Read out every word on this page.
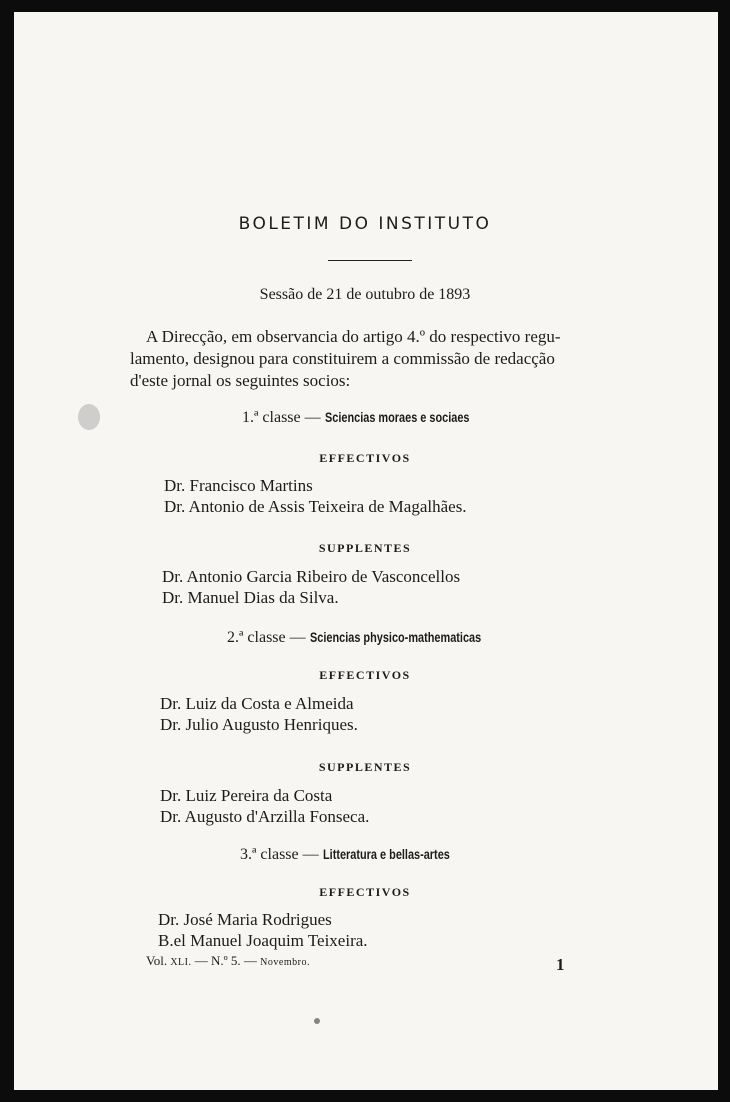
BOLETIM DO INSTITUTO
Sessão de 21 de outubro de 1893
A Direcção, em observancia do artigo 4.º do respectivo regu-
lamento, designou para constituirem a commissão de redacção
d'este jornal os seguintes socios:
1.ª classe — Sciencias moraes e sociaes
EFFECTIVOS
Dr. Francisco Martins
Dr. Antonio de Assis Teixeira de Magalhães.
SUPPLENTES
Dr. Antonio Garcia Ribeiro de Vasconcellos
Dr. Manuel Dias da Silva.
2.ª classe — Sciencias physico-mathematicas
EFFECTIVOS
Dr. Luiz da Costa e Almeida
Dr. Julio Augusto Henriques.
SUPPLENTES
Dr. Luiz Pereira da Costa
Dr. Augusto d'Arzilla Fonseca.
3.ª classe — Litteratura e bellas-artes
EFFECTIVOS
Dr. José Maria Rodrigues
B.el Manuel Joaquim Teixeira.
Vol. XLI. — N.º 5. — Novembro.	1
